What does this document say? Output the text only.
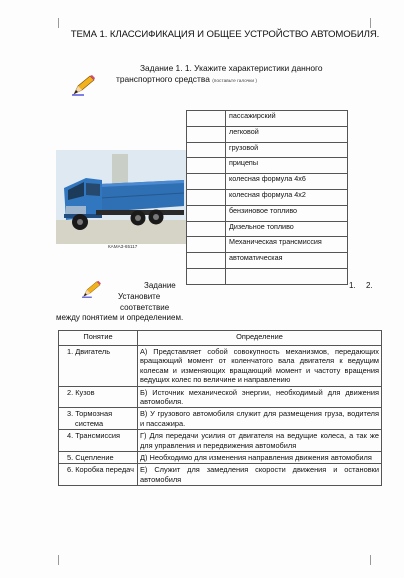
ТЕМА 1. КЛАССИФИКАЦИЯ И ОБЩЕЕ УСТРОЙСТВО АВТОМОБИЛЯ.
Задание 1. 1. Укажите характеристики данного
транспортного средства (поставьте галочки )
КАМАЗ-65117
	пассажирский
	легковой
	грузовой
	прицепы
	колесная формула 4х6
	колесная формула 4х2
	бензиновое топливо
	Дизельное топливо
	Механическая трансмиссия
	автоматическая

Задание
Установите
соответствие
между понятием и определением.
1. 2.
Понятие	Определение

1. Двигатель	А) Представляет собой совокупность механизмов, передающих вращающий момент от коленчатого вала двигателя к ведущим колесам и изменяющих вращающий момент и частоту вращения ведущих колес по величине и направлению

2. Кузов	Б) Источник механической энергии, необходимый для движения автомобиля.

3. Тормозная система	В) У грузового автомобиля служит для размещения груза, водителя и пассажира.

4. Трансмиссия	Г) Для передачи усилия от двигателя на ведущие колеса, а так же для управления и передвижения автомобиля

5. Сцепление	Д) Необходимо для изменения направления движения автомобиля

6. Коробка передач	Е) Служит для замедления скорости движения и остановки автомобиля
